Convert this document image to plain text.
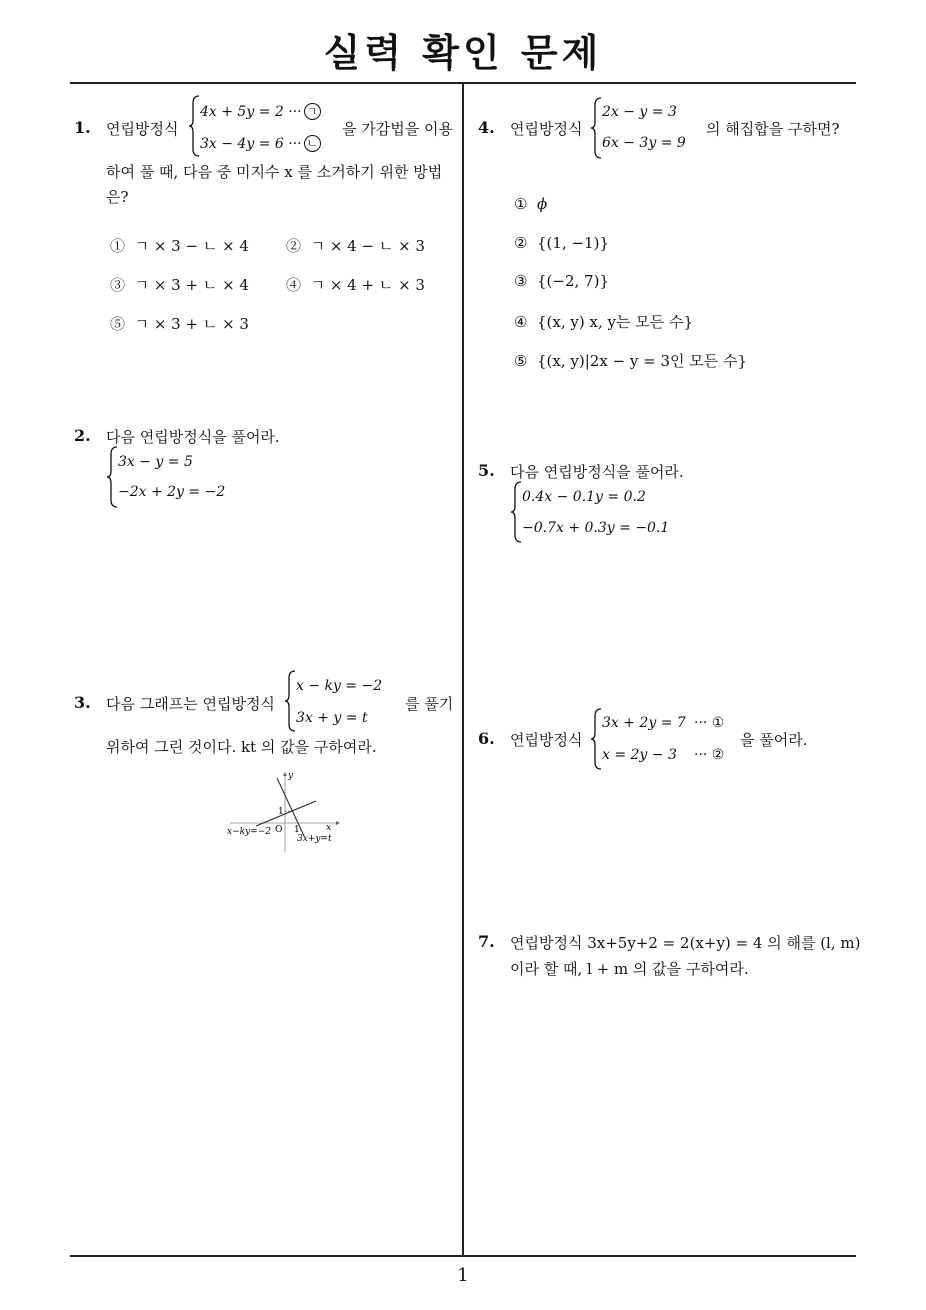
실력 확인 문제
1. 연립방정식
4x + 5y = 2 ··· ㄱ
3x − 4y = 6 ··· ㄴ
을 가감법을 이용
하여 풀 때, 다음 중 미지수 x 를 소거하기 위한 방법
은?
① ㄱ × 3 − ㄴ × 4 ② ㄱ × 4 − ㄴ × 3
③ ㄱ × 3 + ㄴ × 4 ④ ㄱ × 4 + ㄴ × 3
⑤ ㄱ × 3 + ㄴ × 3
2. 다음 연립방정식을 풀어라.
3x − y = 5
−2x + 2y = −2
3. 다음 그래프는 연립방정식
x − ky = −2
3x + y = t
를 풀기
위하여 그린 것이다. kt 의 값을 구하여라.
y
x
O
1
1
x−ky=−2
3x+y=t
4. 연립방정식
2x − y = 3
6x − 3y = 9
의 해집합을 구하면?
① ϕ
② {(1, −1)}
③ {(−2, 7)}
④ {(x, y) x, y는 모든 수}
⑤ {(x, y)|2x − y = 3인 모든 수}
5. 다음 연립방정식을 풀어라.
0.4x − 0.1y = 0.2
−0.7x + 0.3y = −0.1
6. 연립방정식
3x + 2y = 7 ··· ①
x = 2y − 3 ··· ②
을 풀어라.
7. 연립방정식 3x+5y+2 = 2(x+y) = 4 의 해를 (l, m)
이라 할 때, l + m 의 값을 구하여라.
1
